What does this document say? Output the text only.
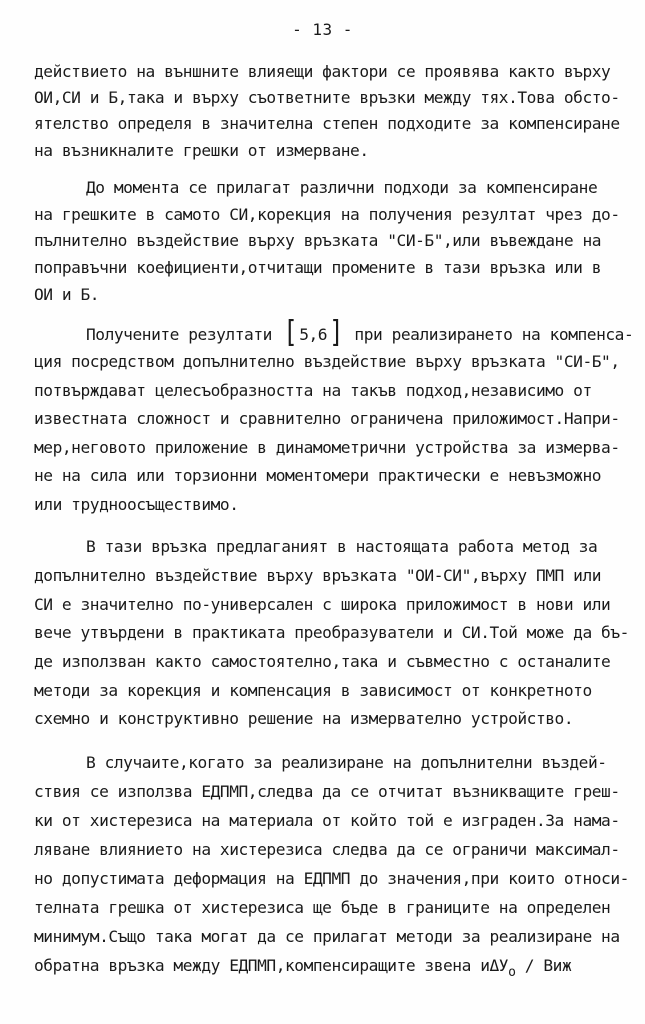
- 13 -
действието на външните влияещи фактори се проявява както върху
ОИ,СИ и Б,така и върху съответните връзки между тях.Това обсто-
ятелство определя в значителна степен подходите за компенсиране
на възникналите грешки от измерване.
До момента се прилагат различни подходи за компенсиране
на грешките в самото СИ,корекция на получения резултат чрез до-
пълнително въздействие върху връзката "СИ-Б",или въвеждане на
поправъчни коефициенти,отчитащи промените в тази връзка или в
ОИ и Б.
Получените резултати [ 5,6] при реализирането на компенса-
ция посредством допълнително въздействие върху връзката "СИ-Б",
потвърждават целесъобразността на такъв подход,независимо от
известната сложност и сравнително ограничена приложимост.Напри-
мер,неговото приложение в динамометрични устройства за измерва-
не на сила или торзионни моментомери практически е невъзможно
или трудноосъществимо.
В тази връзка предлаганият в настоящата работа метод за
допълнително въздействие върху връзката "ОИ-СИ",върху ПМП или
СИ е значително по-универсален с широка приложимост в нови или
вече утвърдени в практиката преобразуватели и СИ.Той може да бъ-
де използван както самостоятелно,така и съвместно с останалите
методи за корекция и компенсация в зависимост от конкретното
схемно и конструктивно решение на измервателно устройство.
В случаите,когато за реализиране на допълнителни въздей-
ствия се използва ЕДПМП,следва да се отчитат възникващите греш-
ки от хистерезиса на материала от който той е изграден.За нама-
ляване влиянието на хистерезиса следва да се ограничи максимал-
но допустимата деформация на ЕДПМП до значения,при които относи-
телната грешка от хистерезиса ще бъде в границите на определен
минимум.Също така могат да се прилагат методи за реализиране на
обратна връзка между ЕДПМП,компенсиращите звена иΔУ$_o$ / Виж
